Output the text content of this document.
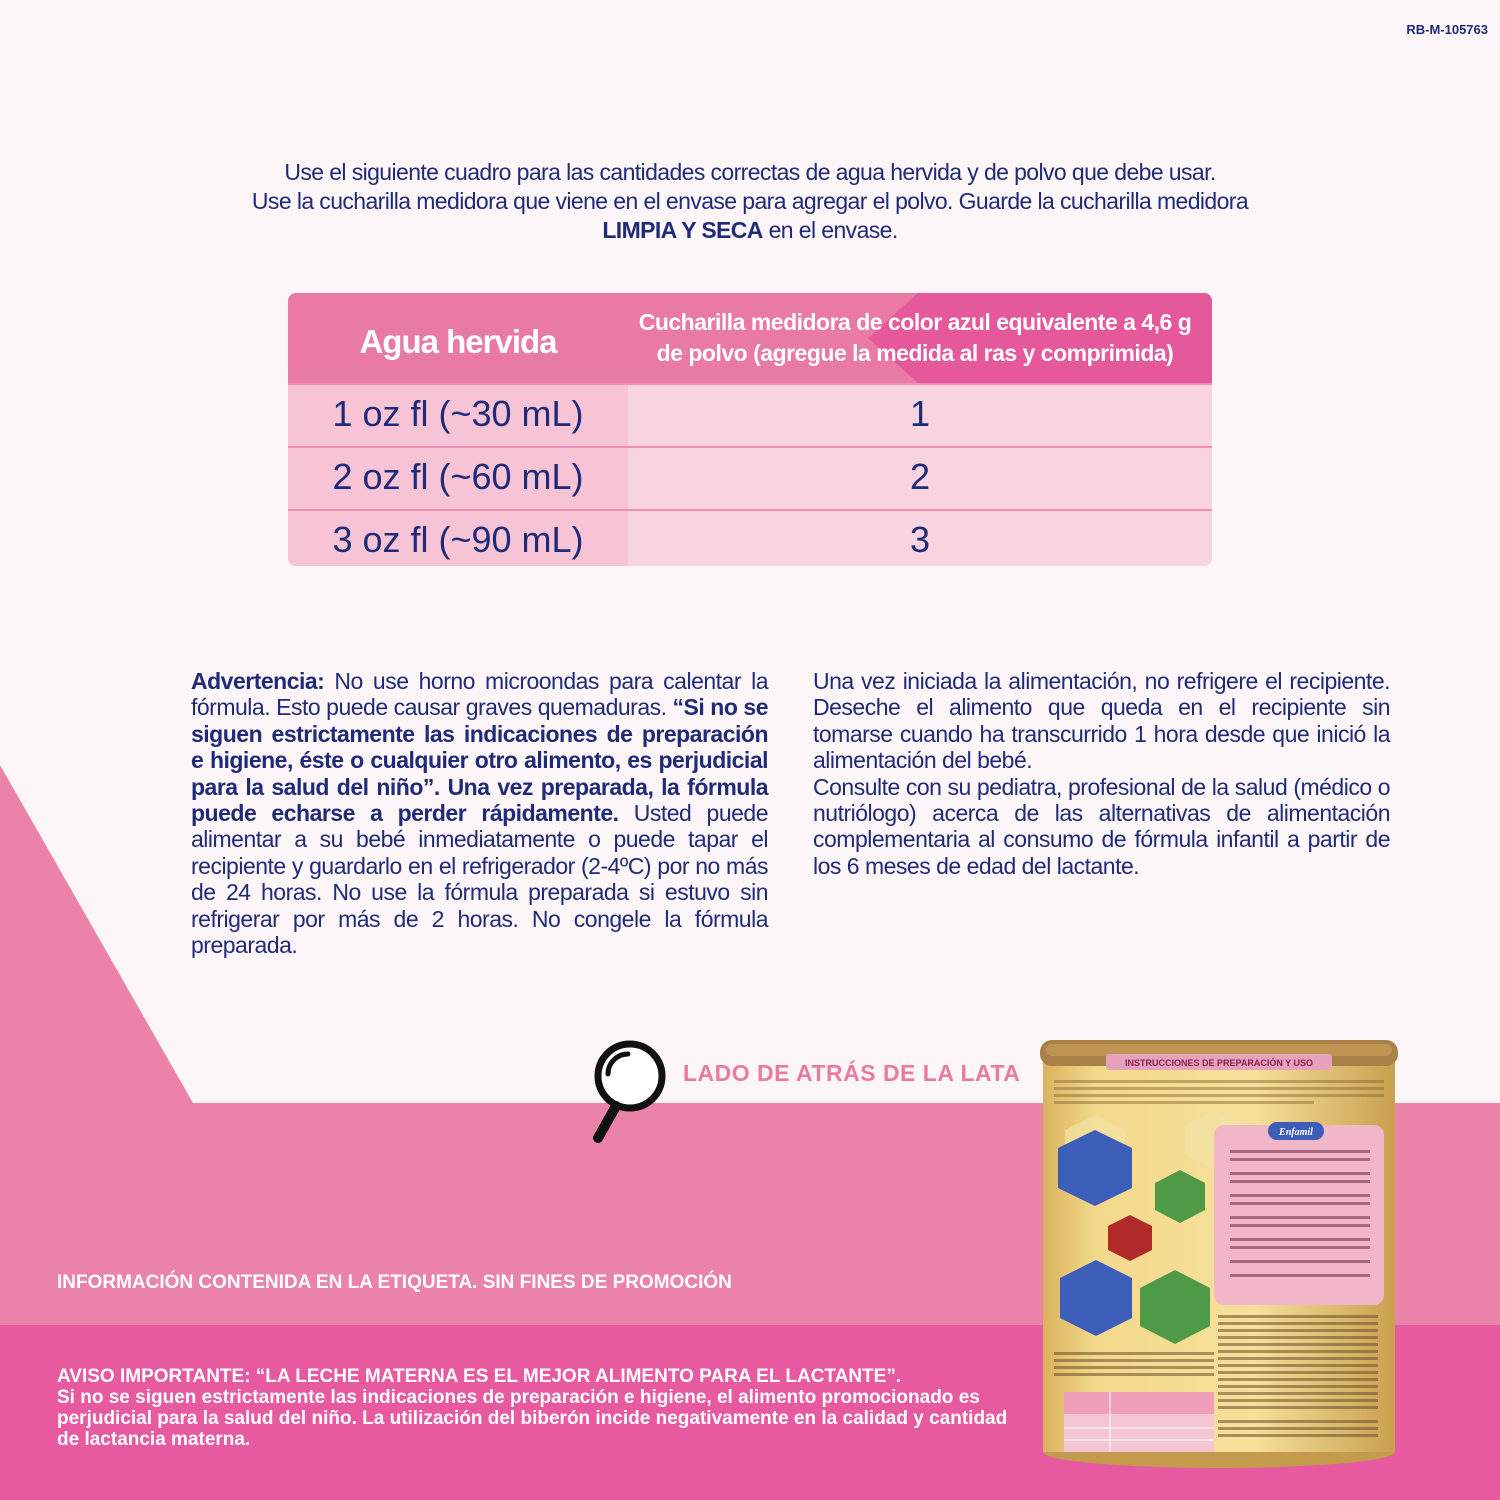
RB-M-105763

Use el siguiente cuadro para las cantidades correctas de agua hervida y de polvo que debe usar.

Use la cucharilla medidora que viene en el envase para agregar el polvo. Guarde la cucharilla medidora

LIMPIA Y SECA en el envase.

Agua hervida
Cucharilla medidora de color azul equivalente a 4,6 g
de polvo (agregue la medida al ras y comprimida)
1 oz fl (~30 mL)	1
2 oz fl (~60 mL)	2
3 oz fl (~90 mL)	3

Advertencia: No use horno microondas para calentar la fórmula. Esto puede causar graves quemaduras. “Si no se siguen estrictamente las indicaciones de preparación e higiene, éste o cualquier otro alimento, es perjudicial para la salud del niño”. Una vez preparada, la fórmula puede echarse a perder rápidamente. Usted puede alimentar a su bebé inmediatamente o puede tapar el recipiente y guardarlo en el refrigerador (2-4ºC) por no más de 24 horas. No use la fórmula preparada si estuvo sin refrigerar por más de 2 horas. No congele la fórmula preparada.

Una vez iniciada la alimentación, no refrigere el recipiente. Deseche el alimento que queda en el recipiente sin tomarse cuando ha transcurrido 1 hora desde que inició la alimentación del bebé.

Consulte con su pediatra, profesional de la salud (médico o nutriólogo) acerca de las alternativas de alimentación complementaria al consumo de fórmula infantil a partir de los 6 meses de edad del lactante.

LADO DE ATRÁS DE LA LATA
INFORMACIÓN CONTENIDA EN LA ETIQUETA. SIN FINES DE PROMOCIÓN

AVISO IMPORTANTE: “LA LECHE MATERNA ES EL MEJOR ALIMENTO PARA EL LACTANTE”.

Si no se siguen estrictamente las indicaciones de preparación e higiene, el alimento promocionado es perjudicial para la salud del niño. La utilización del biberón incide negativamente en la calidad y cantidad de lactancia materna.

INSTRUCCIONES DE PREPARACIÓN Y USO
Enfamil
